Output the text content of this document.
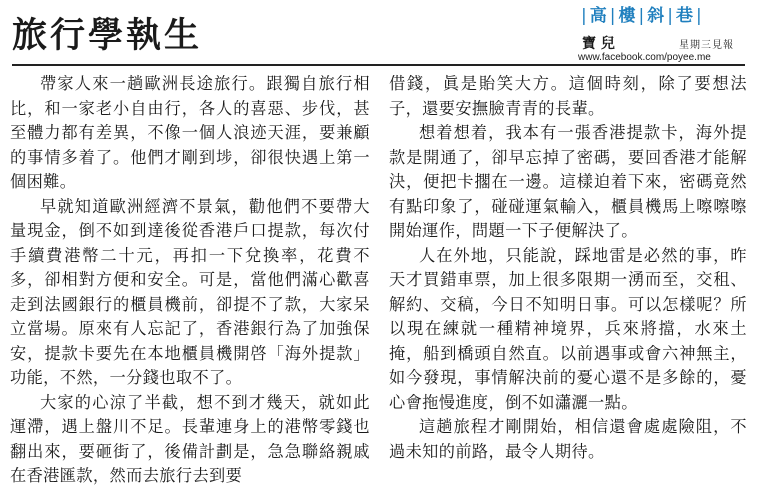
旅行學執生	| 高 | 樓 | 斜 | 巷 |
寶 兒	星期三見報
www.facebook.com/poyee.me

帶家人來一趟歐洲長途旅行。跟獨自旅行相比，和一家老小自由行，各人的喜惡、步伐，甚至體力都有差異，不像一個人浪迹天涯，要兼顧的事情多着了。他們才剛到埗，卻很快遇上第一個困難。

早就知道歐洲經濟不景氣，勸他們不要帶大量現金，倒不如到達後從香港戶口提款，每次付手續費港幣二十元，再扣一下兌換率，花費不多，卻相對方便和安全。可是，當他們滿心歡喜走到法國銀行的櫃員機前，卻提不了款，大家呆立當場。原來有人忘記了，香港銀行為了加強保安，提款卡要先在本地櫃員機開啓「海外提款」功能，不然，一分錢也取不了。

大家的心涼了半截，想不到才幾天，就如此運滯，遇上盤川不足。長輩連身上的港幣零錢也翻出來，要砸街了，後備計劃是，急急聯絡親戚在香港匯款，然而去旅行去到要

借錢，眞是貽笑大方。這個時刻，除了要想法子，還要安撫臉青青的長輩。

想着想着，我本有一張香港提款卡，海外提款是開通了，卻早忘掉了密碼，要回香港才能解決，便把卡擱在一邊。這樣迫着下來，密碼竟然有點印象了，碰碰運氣輸入，櫃員機馬上嚓嚓嚓開始運作，問題一下子便解決了。

人在外地，只能說，踩地雷是必然的事，昨天才買錯車票，加上很多限期一湧而至，交租、解約、交稿，今日不知明日事。可以怎樣呢？所以現在練就一種精神境界，兵來將擋，水來土掩，船到橋頭自然直。以前遇事或會六神無主，如今發現，事情解決前的憂心還不是多餘的，憂心會拖慢進度，倒不如瀟灑一點。

這趟旅程才剛開始，相信還會處處險阻，不過未知的前路，最令人期待。
